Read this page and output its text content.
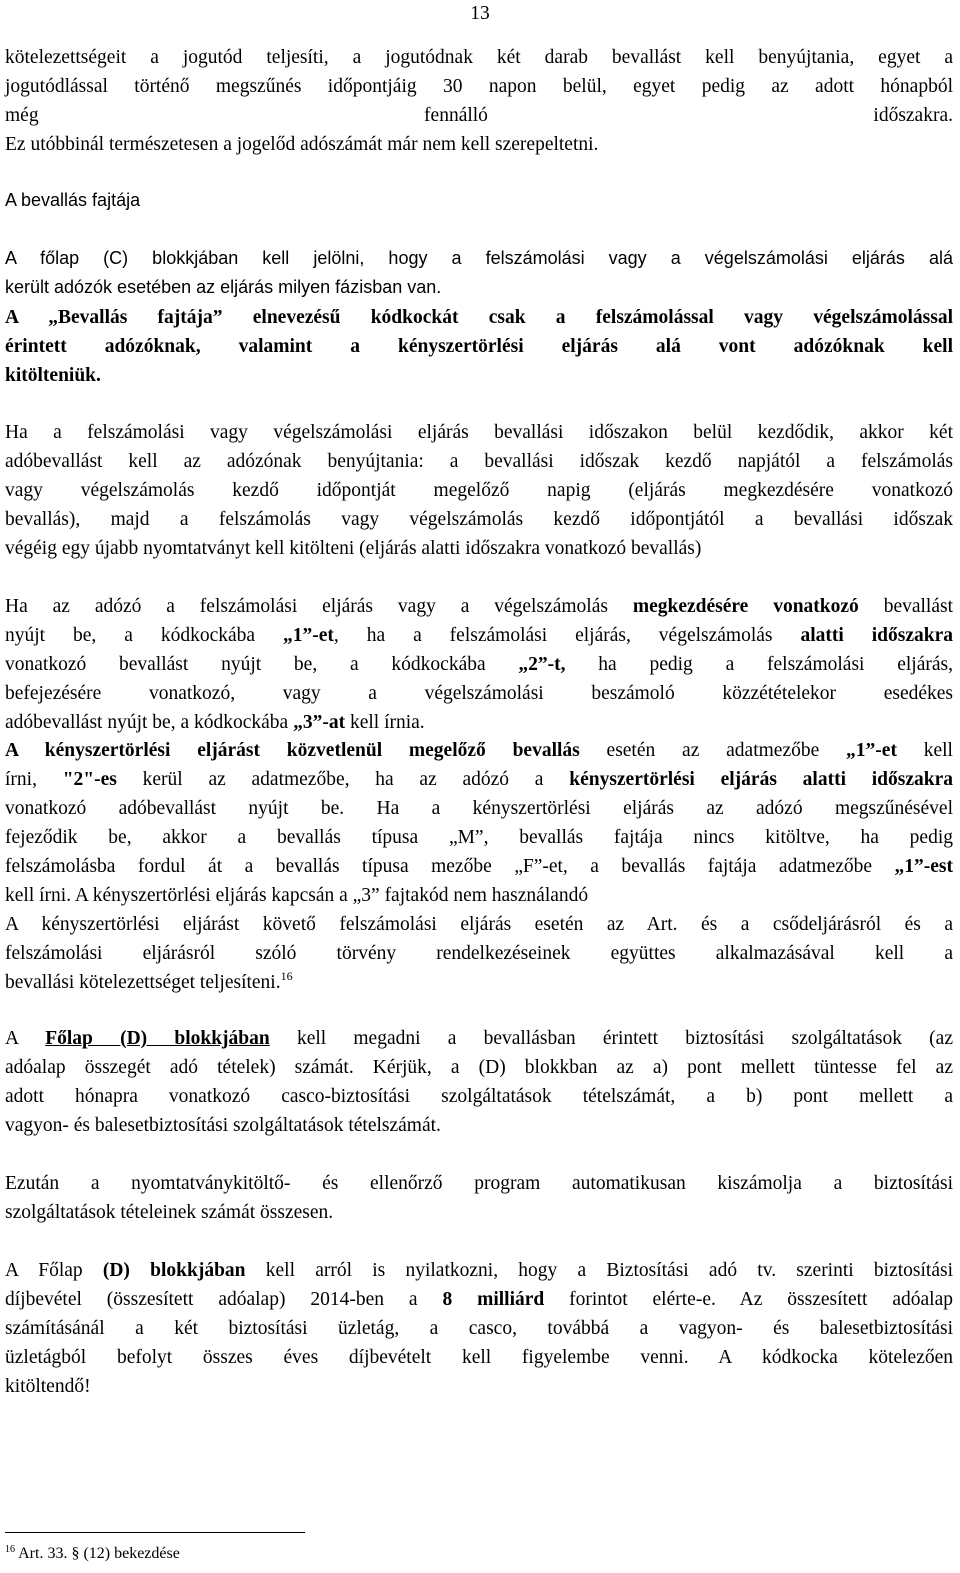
13

kötelezettségeit a jogutód teljesíti, a jogutódnak két darab bevallást kell benyújtania, egyet a
jogutódlással történő megszűnés időpontjáig 30 napon belül, egyet pedig az adott hónapból
még fennálló időszakra.
Ez utóbbinál természetesen a jogelőd adószámát már nem kell szerepeltetni.

A bevallás fajtája

A főlap (C) blokkjában kell jelölni, hogy a felszámolási vagy a végelszámolási eljárás alá
került adózók esetében az eljárás milyen fázisban van.

A „Bevallás fajtája” elnevezésű kódkockát csak a felszámolással vagy végelszámolással
érintett adózóknak, valamint a kényszertörlési eljárás alá vont adózóknak kell
kitölteniük.

Ha a felszámolási vagy végelszámolási eljárás bevallási időszakon belül kezdődik, akkor két
adóbevallást kell az adózónak benyújtania: a bevallási időszak kezdő napjától a felszámolás
vagy végelszámolás kezdő időpontját megelőző napig (eljárás megkezdésére vonatkozó
bevallás), majd a felszámolás vagy végelszámolás kezdő időpontjától a bevallási időszak
végéig egy újabb nyomtatványt kell kitölteni (eljárás alatti időszakra vonatkozó bevallás)

Ha az adózó a felszámolási eljárás vagy a végelszámolás megkezdésére vonatkozó bevallást
nyújt be, a kódkockába „1”-et, ha a felszámolási eljárás, végelszámolás alatti időszakra
vonatkozó bevallást nyújt be, a kódkockába „2”-t, ha pedig a felszámolási eljárás,
befejezésére vonatkozó, vagy a végelszámolási beszámoló közzétételekor esedékes
adóbevallást nyújt be, a kódkockába „3”-at kell írnia.

A kényszertörlési eljárást közvetlenül megelőző bevallás esetén az adatmezőbe „1”-et kell
írni, "2"-es kerül az adatmezőbe, ha az adózó a kényszertörlési eljárás alatti időszakra
vonatkozó adóbevallást nyújt be. Ha a kényszertörlési eljárás az adózó megszűnésével
fejeződik be, akkor a bevallás típusa „M”, bevallás fajtája nincs kitöltve, ha pedig
felszámolásba fordul át a bevallás típusa mezőbe „F”-et, a bevallás fajtája adatmezőbe „1”-est
kell írni. A kényszertörlési eljárás kapcsán a „3” fajtakód nem használandó

A kényszertörlési eljárást követő felszámolási eljárás esetén az Art. és a csődeljárásról és a
felszámolási eljárásról szóló törvény rendelkezéseinek együttes alkalmazásával kell a
bevallási kötelezettséget teljesíteni.$^{16}$

A Főlap (D) blokkjában kell megadni a bevallásban érintett biztosítási szolgáltatások (az
adóalap összegét adó tételek) számát. Kérjük, a (D) blokkban az a) pont mellett tüntesse fel az
adott hónapra vonatkozó casco-biztosítási szolgáltatások tételszámát, a b) pont mellett a
vagyon- és balesetbiztosítási szolgáltatások tételszámát.

Ezután a nyomtatványkitöltő- és ellenőrző program automatikusan kiszámolja a biztosítási
szolgáltatások tételeinek számát összesen.

A Főlap (D) blokkjában kell arról is nyilatkozni, hogy a Biztosítási adó tv. szerinti biztosítási
díjbevétel (összesített adóalap) 2014-ben a 8 milliárd forintot elérte-e. Az összesített adóalap
számításánál a két biztosítási üzletág, a casco, továbbá a vagyon- és balesetbiztosítási
üzletágból befolyt összes éves díjbevételt kell figyelembe venni. A kódkocka kötelezően
kitöltendő!

$^{16}$ Art. 33. § (12) bekezdése
